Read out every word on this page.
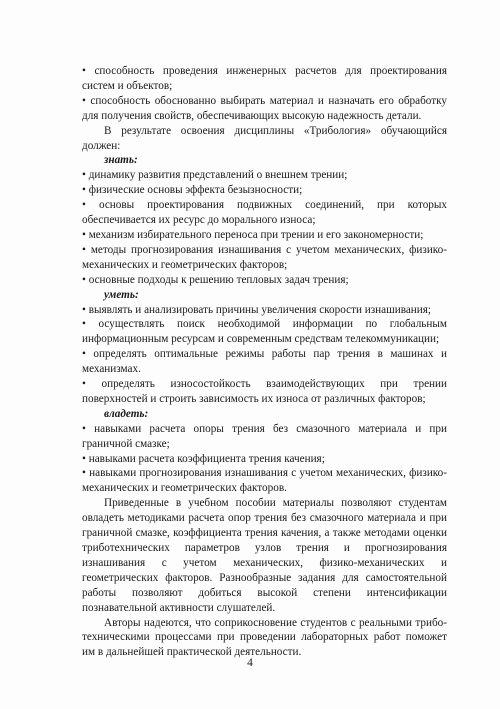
• способность проведения инженерных расчетов для проектирования систем и объектов;

• способность обоснованно выбирать материал и назначать его обработку для получения свойств, обеспечивающих высокую надежность детали.

В результате освоения дисциплины «Трибология» обучающийся должен:

знать:

• динамику развития представлений о внешнем трении;

• физические основы эффекта безызносности;

• основы проектирования подвижных соединений, при которых обеспечивается их ресурс до морального износа;

• механизм избирательного переноса при трении и его закономерности;

• методы прогнозирования изнашивания с учетом механических, физико-механических и геометрических факторов;

• основные подходы к решению тепловых задач трения;

уметь:

• выявлять и анализировать причины увеличения скорости изнашивания;

• осуществлять поиск необходимой информации по глобальным информационным ресурсам и современным средствам телекоммуникации;

• определять оптимальные режимы работы пар трения в машинах и механизмах.

• определять износостойкость взаимодействующих при трении поверхностей и строить зависимость их износа от различных факторов;

владеть:

• навыками расчета опоры трения без смазочного материала и при граничной смазке;

• навыками расчета коэффициента трения качения;

• навыками прогнозирования изнашивания с учетом механических, физико-механических и геометрических факторов.

Приведенные в учебном пособии материалы позволяют студентам овладеть методиками расчета опор трения без смазочного материала и при граничной смазке, коэффициента трения качения, а также методами оценки триботехнических параметров узлов трения и прогнозирования изнашивания с учетом механических, физико-механических и геометрических факторов. Разнообразные задания для самостоятельной работы позволяют добиться высокой степени интенсификации познавательной активности слушателей.

Авторы надеются, что соприкосновение студентов с реальными триботехническими процессами при проведении лабораторных работ поможет им в дальнейшей практической деятельности.

4
